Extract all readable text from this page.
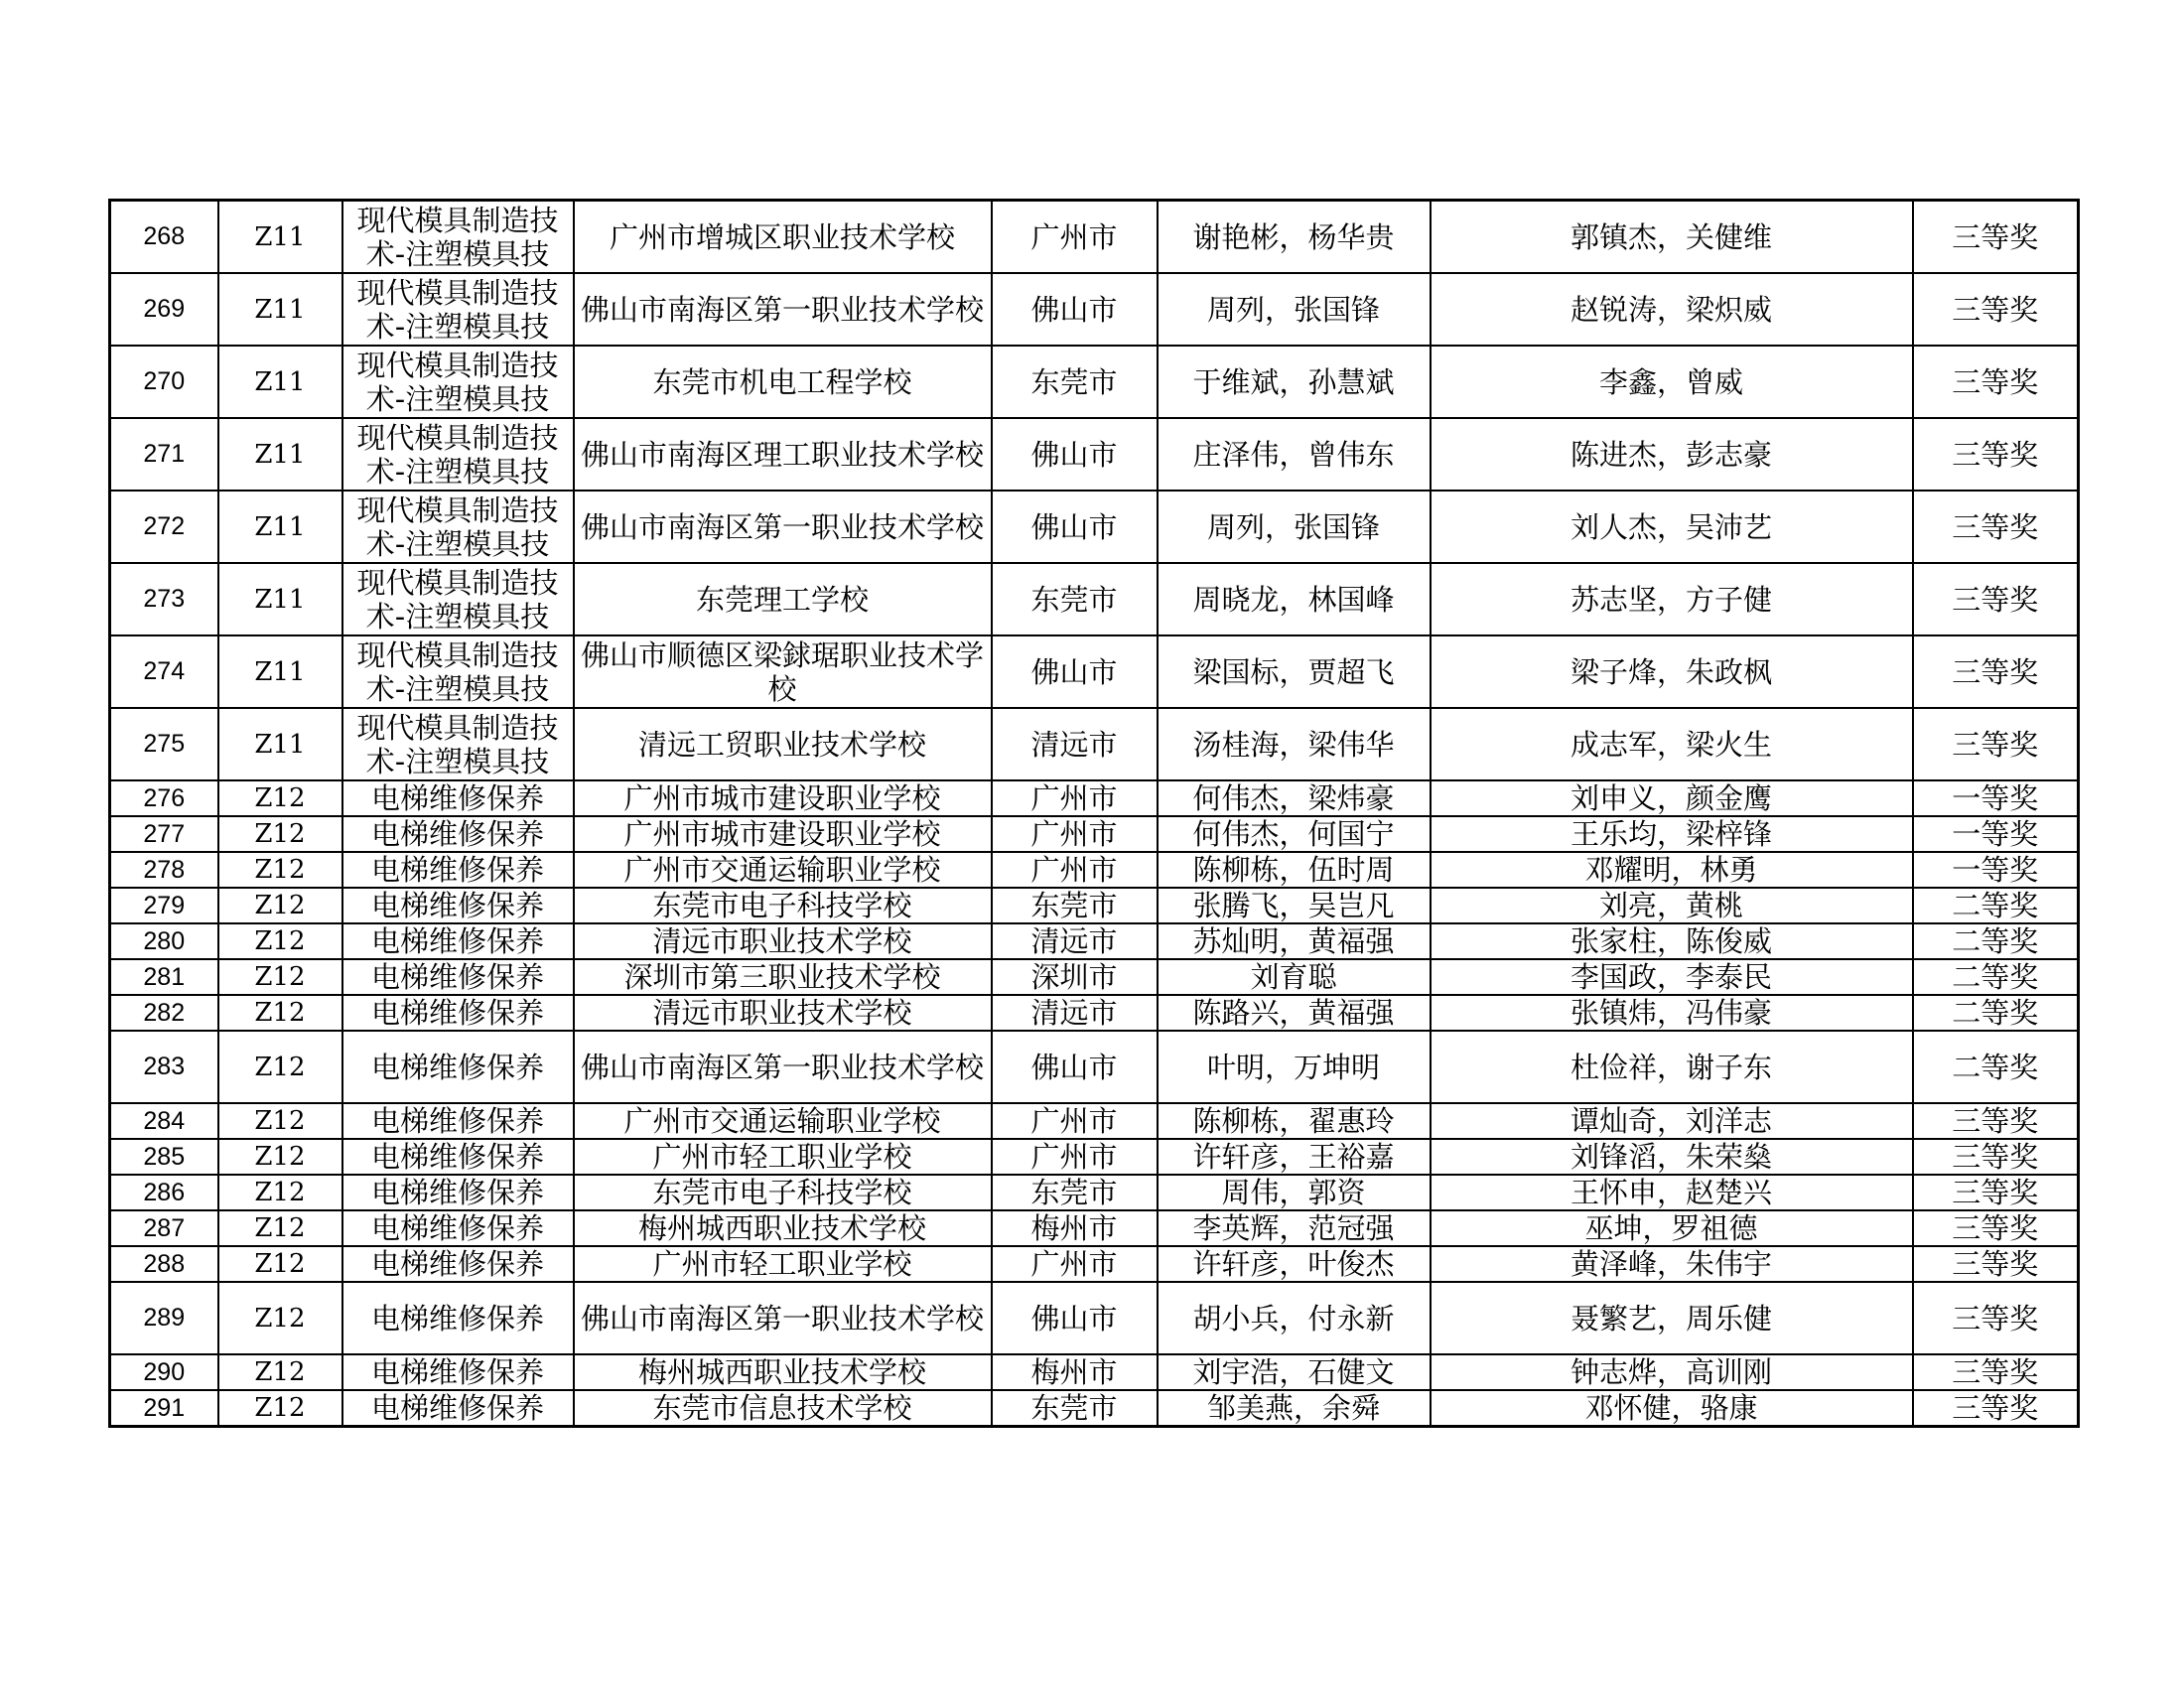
268	Z11	现代模具制造技术-注塑模具技	广州市增城区职业技术学校	广州市	谢艳彬，杨华贵	郭镇杰，关健维	三等奖
269	Z11	现代模具制造技术-注塑模具技	佛山市南海区第一职业技术学校	佛山市	周列，张国锋	赵锐涛，梁炽威	三等奖
270	Z11	现代模具制造技术-注塑模具技	东莞市机电工程学校	东莞市	于维斌，孙慧斌	李鑫，曾威	三等奖
271	Z11	现代模具制造技术-注塑模具技	佛山市南海区理工职业技术学校	佛山市	庄泽伟，曾伟东	陈进杰，彭志豪	三等奖
272	Z11	现代模具制造技术-注塑模具技	佛山市南海区第一职业技术学校	佛山市	周列，张国锋	刘人杰，吴沛艺	三等奖
273	Z11	现代模具制造技术-注塑模具技	东莞理工学校	东莞市	周晓龙，林国峰	苏志坚，方子健	三等奖
274	Z11	现代模具制造技术-注塑模具技	佛山市顺德区梁銶琚职业技术学校	佛山市	梁国标，贾超飞	梁子烽，朱政枫	三等奖
275	Z11	现代模具制造技术-注塑模具技	清远工贸职业技术学校	清远市	汤桂海，梁伟华	成志军，梁火生	三等奖
276	Z12	电梯维修保养	广州市城市建设职业学校	广州市	何伟杰，梁炜豪	刘申义，颜金鹰	一等奖
277	Z12	电梯维修保养	广州市城市建设职业学校	广州市	何伟杰，何国宁	王乐均，梁梓锋	一等奖
278	Z12	电梯维修保养	广州市交通运输职业学校	广州市	陈柳栋，伍时周	邓耀明，林勇	一等奖
279	Z12	电梯维修保养	东莞市电子科技学校	东莞市	张腾飞，吴岂凡	刘亮，黄桃	二等奖
280	Z12	电梯维修保养	清远市职业技术学校	清远市	苏灿明，黄福强	张家柱，陈俊威	二等奖
281	Z12	电梯维修保养	深圳市第三职业技术学校	深圳市	刘育聪	李国政，李泰民	二等奖
282	Z12	电梯维修保养	清远市职业技术学校	清远市	陈路兴，黄福强	张镇炜，冯伟豪	二等奖
283	Z12	电梯维修保养	佛山市南海区第一职业技术学校	佛山市	叶明，万坤明	杜俭祥，谢子东	二等奖
284	Z12	电梯维修保养	广州市交通运输职业学校	广州市	陈柳栋，翟惠玲	谭灿奇，刘洋志	三等奖
285	Z12	电梯维修保养	广州市轻工职业学校	广州市	许轩彦，王裕嘉	刘锋滔，朱荣燊	三等奖
286	Z12	电梯维修保养	东莞市电子科技学校	东莞市	周伟，郭资	王怀申，赵楚兴	三等奖
287	Z12	电梯维修保养	梅州城西职业技术学校	梅州市	李英辉，范冠强	巫坤，罗祖德	三等奖
288	Z12	电梯维修保养	广州市轻工职业学校	广州市	许轩彦，叶俊杰	黄泽峰，朱伟宇	三等奖
289	Z12	电梯维修保养	佛山市南海区第一职业技术学校	佛山市	胡小兵，付永新	聂繁艺，周乐健	三等奖
290	Z12	电梯维修保养	梅州城西职业技术学校	梅州市	刘宇浩，石健文	钟志烨，高训刚	三等奖
291	Z12	电梯维修保养	东莞市信息技术学校	东莞市	邹美燕，余舜	邓怀健，骆康	三等奖
